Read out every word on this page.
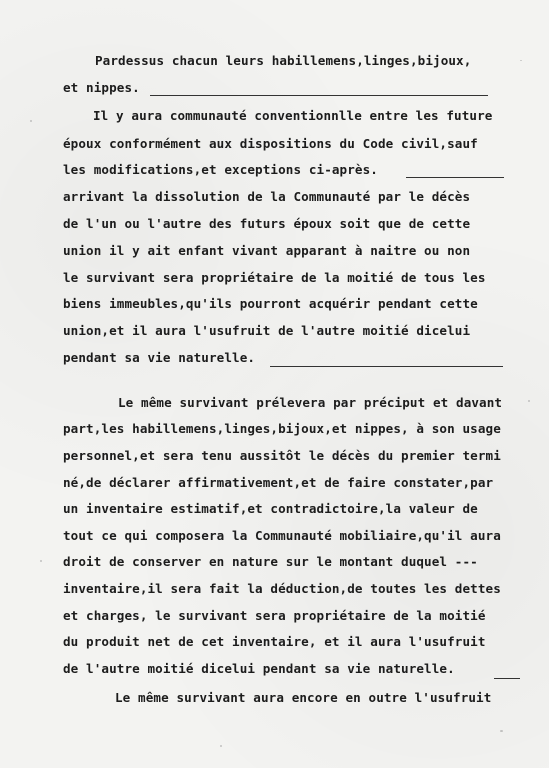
Pardessus chacun leurs habillemens,linges,bijoux,
et nippes.
Il y aura communauté conventionnlle entre les future
époux conformément aux dispositions du Code civil,sauf
les modifications,et exceptions ci-après.
arrivant la dissolution de la Communauté par le décès
de l'un ou l'autre des futurs époux soit que de cette
union il y ait enfant vivant apparant à naitre ou non
le survivant sera propriétaire de la moitié de tous les
biens immeubles,qu'ils pourront acquérir pendant cette
union,et il aura l'usufruit de l'autre moitié dicelui
pendant sa vie naturelle.
Le même survivant prélevera par préciput et davant
part,les habillemens,linges,bijoux,et nippes, à son usage
personnel,et sera tenu aussitôt le décès du premier termi
né,de déclarer affirmativement,et de faire constater,par
un inventaire estimatif,et contradictoire,la valeur de
tout ce qui composera la Communauté mobiliaire,qu'il aura
droit de conserver en nature sur le montant duquel ---
inventaire,il sera fait la déduction,de toutes les dettes
et charges, le survivant sera propriétaire de la moitié
du produit net de cet inventaire, et il aura l'usufruit
de l'autre moitié dicelui pendant sa vie naturelle.
Le même survivant aura encore en outre l'usufruit
